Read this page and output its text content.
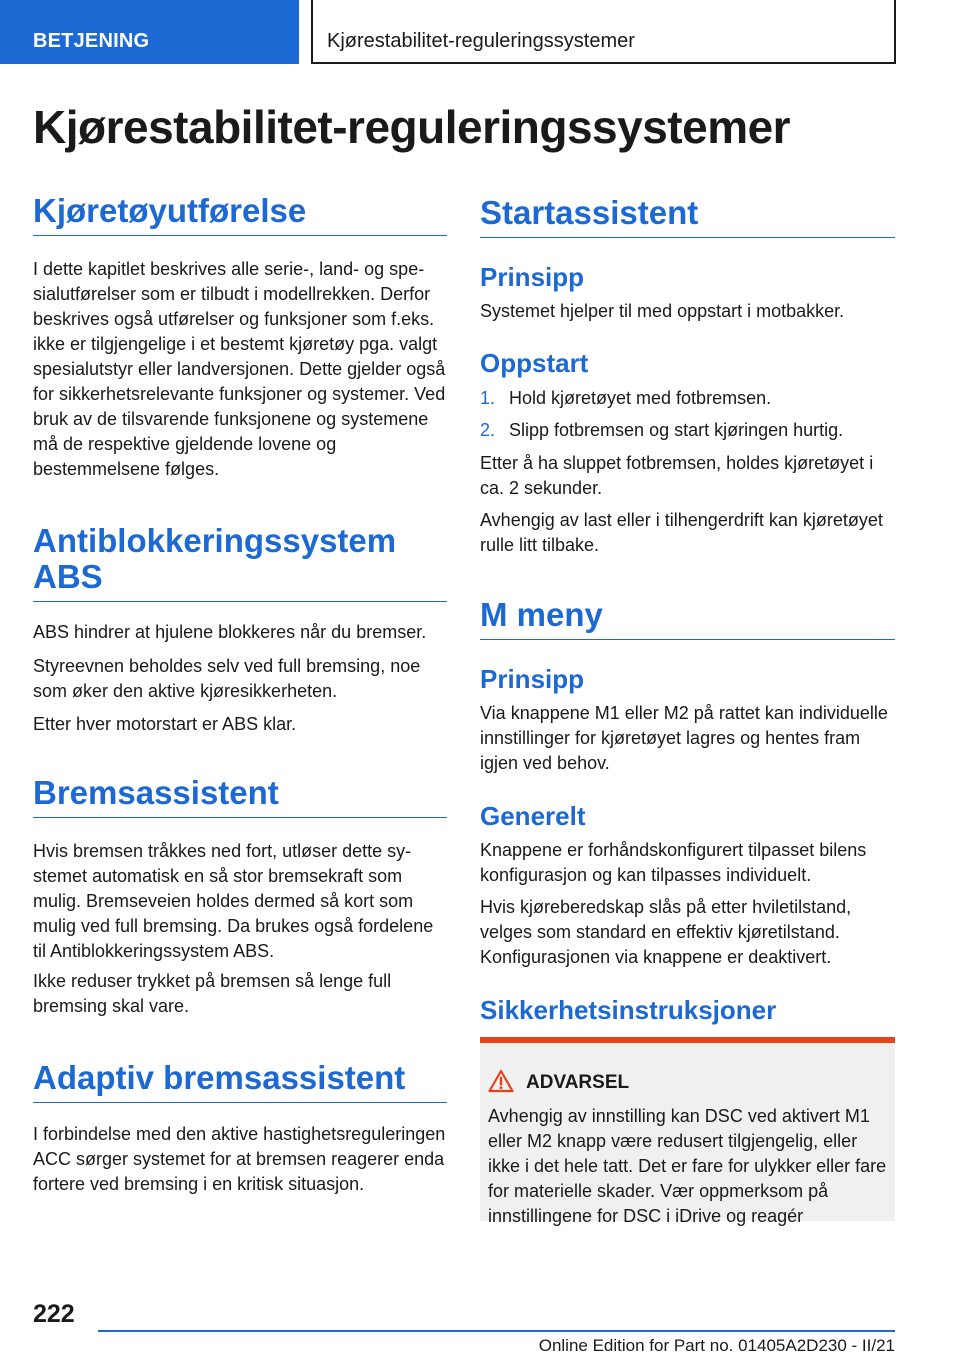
BETJENING	Kjørestabilitet-reguleringssystemer
Kjørestabilitet-reguleringssystemer
Kjøretøyutførelse

I dette kapitlet beskrives alle serie-, land- og spesialutførelser som er tilbudt i modellrekken. Derfor beskrives også utførelser og funksjoner som f.eks. ikke er tilgjengelige i et bestemt kjøretøy pga. valgt spesialutstyr eller landversjonen. Dette gjelder også for sikkerhetsrelevante funksjoner og systemer. Ved bruk av de tilsvarende funksjonene og systemene må de respektive gjeldende lovene og bestemmelsene følges.

Antiblokkeringssystem ABS

ABS hindrer at hjulene blokkeres når du bremser.

Styreevnen beholdes selv ved full bremsing, noe som øker den aktive kjøresikkerheten.

Etter hver motorstart er ABS klar.

Bremsassistent

Hvis bremsen tråkkes ned fort, utløser dette systemet automatisk en så stor bremsekraft som mulig. Bremseveien holdes dermed så kort som mulig ved full bremsing. Da brukes også fordelene til Antiblokkeringssystem ABS.

Ikke reduser trykket på bremsen så lenge full bremsing skal vare.

Adaptiv bremsassistent

I forbindelse med den aktive hastighetsreguleringen ACC sørger systemet for at bremsen reagerer enda fortere ved bremsing i en kritisk situasjon.

Startassistent
Prinsipp

Systemet hjelper til med oppstart i motbakker.

Oppstart
1. Hold kjøretøyet med fotbremsen.
2. Slipp fotbremsen og start kjøringen hurtig.

Etter å ha sluppet fotbremsen, holdes kjøretøyet i ca. 2 sekunder.

Avhengig av last eller i tilhengerdrift kan kjøretøyet rulle litt tilbake.

M meny
Prinsipp

Via knappene M1 eller M2 på rattet kan individuelle innstillinger for kjøretøyet lagres og hentes fram igjen ved behov.

Generelt

Knappene er forhåndskonfigurert tilpasset bilens konfigurasjon og kan tilpasses individuelt.

Hvis kjøreberedskap slås på etter hviletilstand, velges som standard en effektiv kjøretilstand. Konfigurasjonen via knappene er deaktivert.

Sikkerhetsinstruksjoner
ADVARSEL

Avhengig av innstilling kan DSC ved aktivert M1 eller M2 knapp være redusert tilgjengelig, eller ikke i det hele tatt. Det er fare for ulykker eller fare for materielle skader. Vær oppmerksom på innstillingene for DSC i iDrive og reagér

222
Online Edition for Part no. 01405A2D230 - II/21
